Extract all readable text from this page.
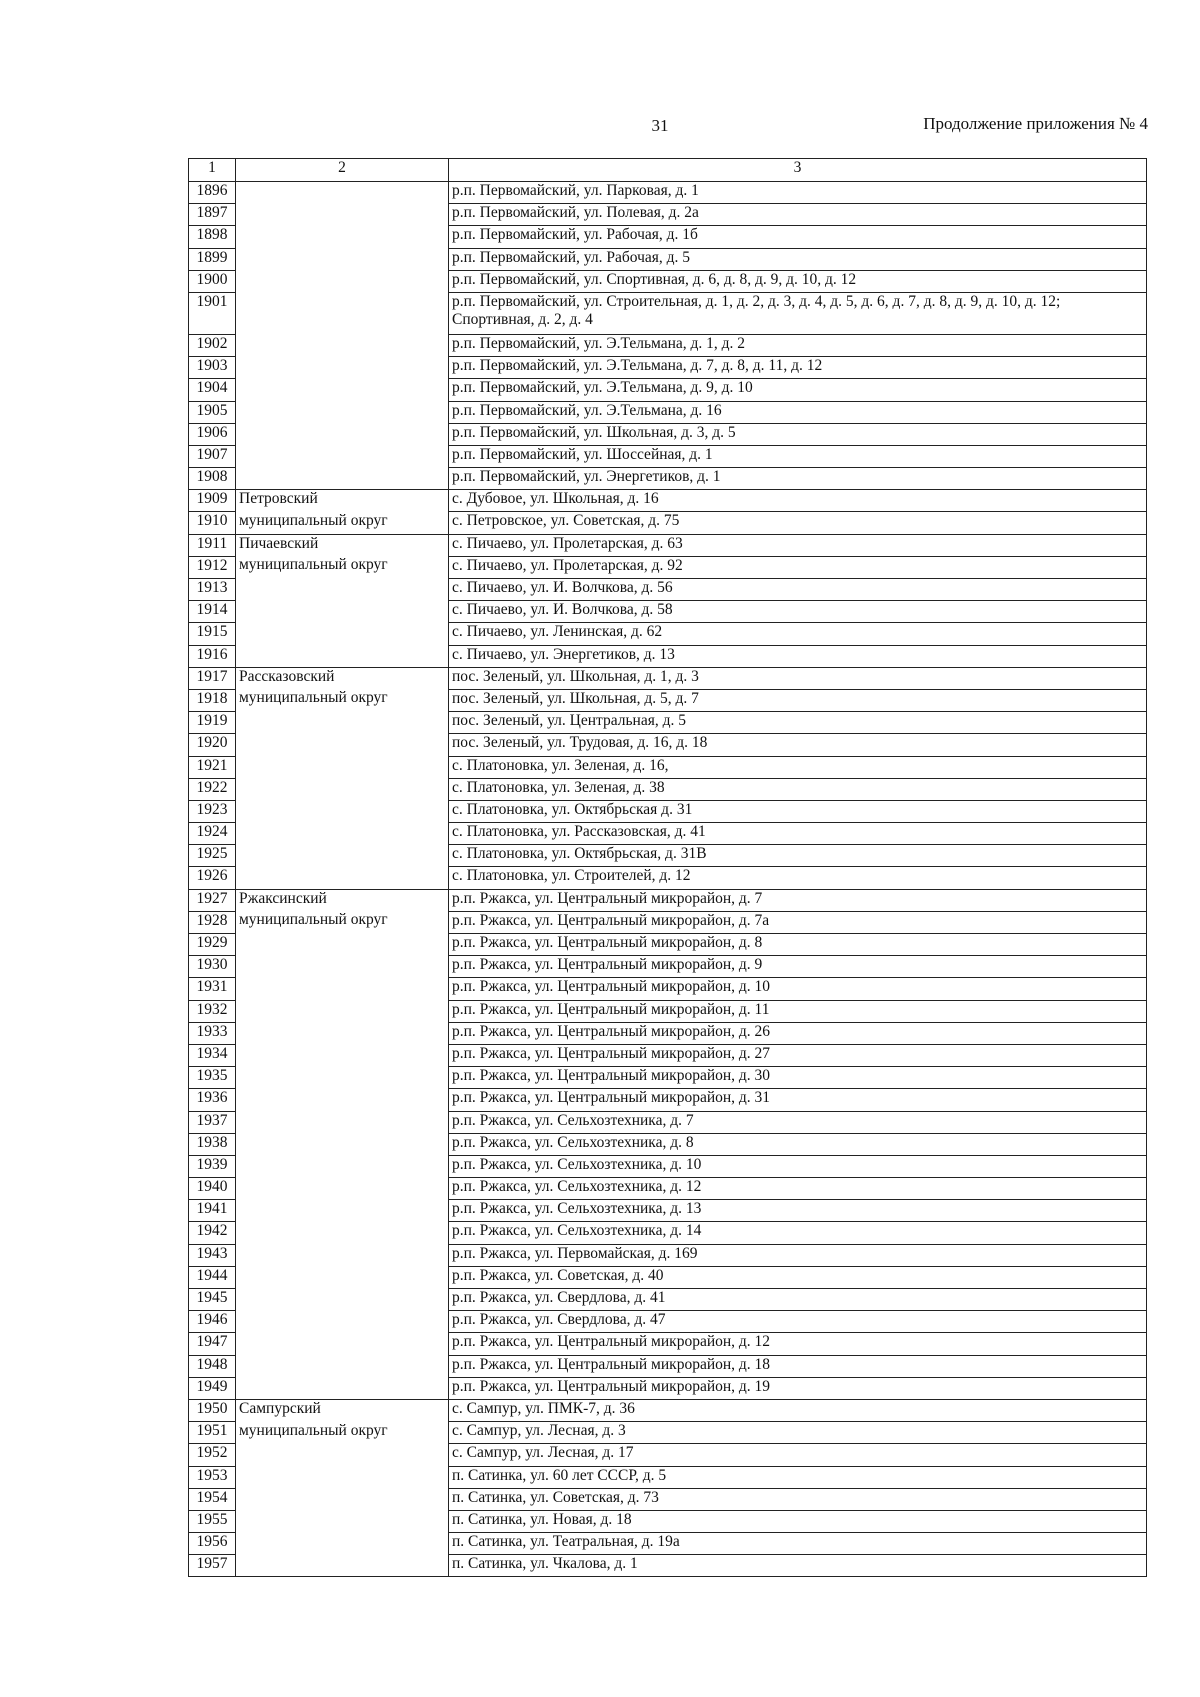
31	Продолжение приложения № 4
1	2	3
1896		р.п. Первомайский, ул. Парковая, д. 1
1897		р.п. Первомайский, ул. Полевая, д. 2а
1898		р.п. Первомайский, ул. Рабочая, д. 1б
1899		р.п. Первомайский, ул. Рабочая, д. 5
1900		р.п. Первомайский, ул. Спортивная, д. 6, д. 8, д. 9, д. 10, д. 12
1901		р.п. Первомайский, ул. Строительная, д. 1, д. 2, д. 3, д. 4, д. 5, д. 6, д. 7, д. 8, д. 9, д. 10, д. 12; Спортивная, д. 2, д. 4
1902		р.п. Первомайский, ул. Э.Тельмана, д. 1, д. 2
1903		р.п. Первомайский, ул. Э.Тельмана, д. 7, д. 8, д. 11, д. 12
1904		р.п. Первомайский, ул. Э.Тельмана, д. 9, д. 10
1905		р.п. Первомайский, ул. Э.Тельмана, д. 16
1906		р.п. Первомайский, ул. Школьная, д. 3, д. 5
1907		р.п. Первомайский, ул. Шоссейная, д. 1
1908		р.п. Первомайский, ул. Энергетиков, д. 1
1909	Петровский	с. Дубовое, ул. Школьная, д. 16
1910	муниципальный округ	с. Петровское, ул. Советская, д. 75
1911	Пичаевский	с. Пичаево, ул. Пролетарская, д. 63
1912	муниципальный округ	с. Пичаево, ул. Пролетарская, д. 92
1913		с. Пичаево, ул. И. Волчкова, д. 56
1914		с. Пичаево, ул. И. Волчкова, д. 58
1915		с. Пичаево, ул. Ленинская, д. 62
1916		с. Пичаево, ул. Энергетиков, д. 13
1917	Рассказовский	пос. Зеленый, ул. Школьная, д. 1, д. 3
1918	муниципальный округ	пос. Зеленый, ул. Школьная, д. 5, д. 7
1919		пос. Зеленый, ул. Центральная, д. 5
1920		пос. Зеленый, ул. Трудовая, д. 16, д. 18
1921		с. Платоновка, ул. Зеленая, д. 16,
1922		с. Платоновка, ул. Зеленая, д. 38
1923		с. Платоновка, ул. Октябрьская д. 31
1924		с. Платоновка, ул. Рассказовская, д. 41
1925		с. Платоновка, ул. Октябрьская, д. 31В
1926		с. Платоновка, ул. Строителей, д. 12
1927	Ржаксинский	р.п. Ржакса, ул. Центральный микрорайон, д. 7
1928	муниципальный округ	р.п. Ржакса, ул. Центральный микрорайон, д. 7а
1929		р.п. Ржакса, ул. Центральный микрорайон, д. 8
1930		р.п. Ржакса, ул. Центральный микрорайон, д. 9
1931		р.п. Ржакса, ул. Центральный микрорайон, д. 10
1932		р.п. Ржакса, ул. Центральный микрорайон, д. 11
1933		р.п. Ржакса, ул. Центральный микрорайон, д. 26
1934		р.п. Ржакса, ул. Центральный микрорайон, д. 27
1935		р.п. Ржакса, ул. Центральный микрорайон, д. 30
1936		р.п. Ржакса, ул. Центральный микрорайон, д. 31
1937		р.п. Ржакса, ул. Сельхозтехника, д. 7
1938		р.п. Ржакса, ул. Сельхозтехника, д. 8
1939		р.п. Ржакса, ул. Сельхозтехника, д. 10
1940		р.п. Ржакса, ул. Сельхозтехника, д. 12
1941		р.п. Ржакса, ул. Сельхозтехника, д. 13
1942		р.п. Ржакса, ул. Сельхозтехника, д. 14
1943		р.п. Ржакса, ул. Первомайская, д. 169
1944		р.п. Ржакса, ул. Советская, д. 40
1945		р.п. Ржакса, ул. Свердлова, д. 41
1946		р.п. Ржакса, ул. Свердлова, д. 47
1947		р.п. Ржакса, ул. Центральный микрорайон, д. 12
1948		р.п. Ржакса, ул. Центральный микрорайон, д. 18
1949		р.п. Ржакса, ул. Центральный микрорайон, д. 19
1950	Сампурский	с. Сампур, ул. ПМК-7, д. 36
1951	муниципальный округ	с. Сампур, ул. Лесная, д. 3
1952		с. Сампур, ул. Лесная, д. 17
1953		п. Сатинка, ул. 60 лет СССР, д. 5
1954		п. Сатинка, ул. Советская, д. 73
1955		п. Сатинка, ул. Новая, д. 18
1956		п. Сатинка, ул. Театральная, д. 19а
1957		п. Сатинка, ул. Чкалова, д. 1
